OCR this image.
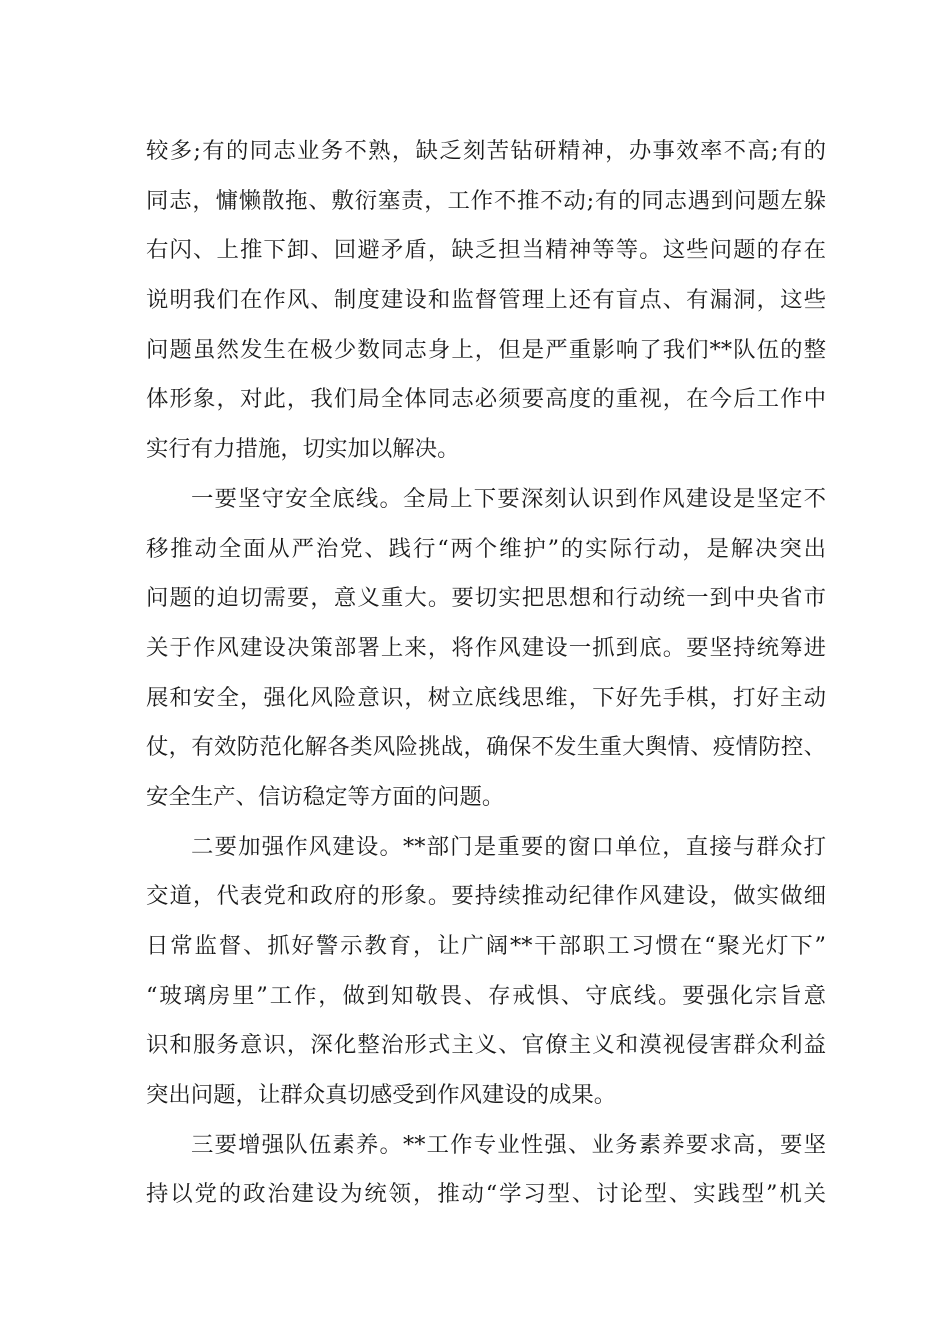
较多;有的同志业务不熟，缺乏刻苦钻研精神，办事效率不高;有的
同志，慵懒散拖、敷衍塞责，工作不推不动;有的同志遇到问题左躲
右闪、上推下卸、回避矛盾，缺乏担当精神等等。这些问题的存在
说明我们在作风、制度建设和监督管理上还有盲点、有漏洞，这些
问题虽然发生在极少数同志身上，但是严重影响了我们**队伍的整
体形象，对此，我们局全体同志必须要高度的重视，在今后工作中
实行有力措施，切实加以解决。

一要坚守安全底线。全局上下要深刻认识到作风建设是坚定不
移推动全面从严治党、践行“两个维护”的实际行动，是解决突出
问题的迫切需要，意义重大。要切实把思想和行动统一到中央省市
关于作风建设决策部署上来，将作风建设一抓到底。要坚持统筹进
展和安全，强化风险意识，树立底线思维，下好先手棋，打好主动
仗，有效防范化解各类风险挑战，确保不发生重大舆情、疫情防控、
安全生产、信访稳定等方面的问题。

二要加强作风建设。**部门是重要的窗口单位，直接与群众打
交道，代表党和政府的形象。要持续推动纪律作风建设，做实做细
日常监督、抓好警示教育，让广阔**干部职工习惯在“聚光灯下”
“玻璃房里”工作，做到知敬畏、存戒惧、守底线。要强化宗旨意
识和服务意识，深化整治形式主义、官僚主义和漠视侵害群众利益
突出问题，让群众真切感受到作风建设的成果。

三要增强队伍素养。**工作专业性强、业务素养要求高，要坚
持以党的政治建设为统领，推动“学习型、讨论型、实践型”机关
